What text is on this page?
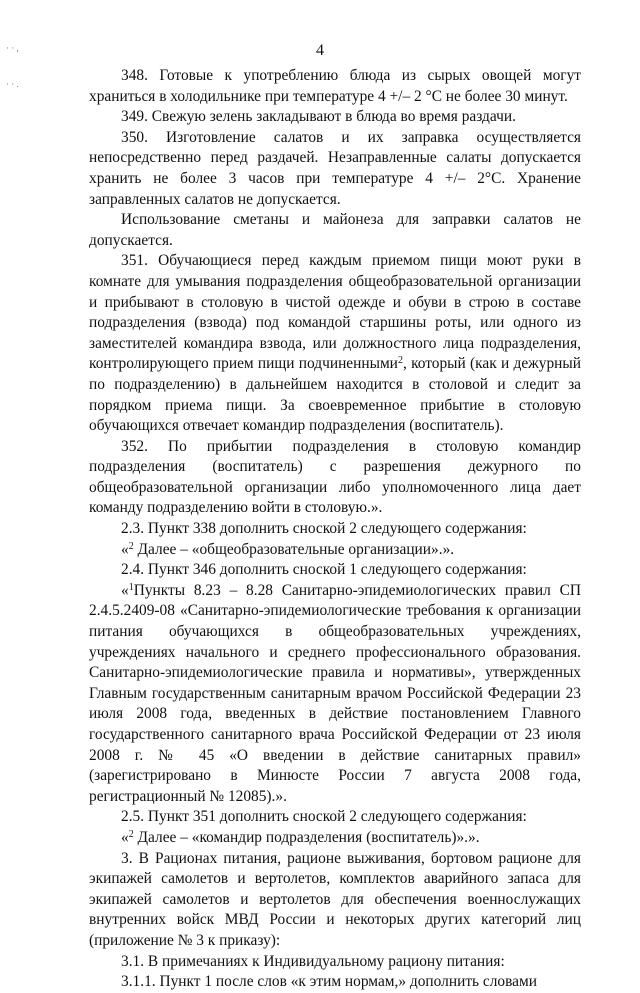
· · ,
· · .
4

348. Готовые к употреблению блюда из сырых овощей могут храниться в холодильнике при температуре 4 +/– 2 °С не более 30 минут.

349. Свежую зелень закладывают в блюда во время раздачи.

350. Изготовление салатов и их заправка осуществляется непосредственно перед раздачей. Незаправленные салаты допускается хранить не более 3 часов при температуре 4 +/– 2°С. Хранение заправленных салатов не допускается.

Использование сметаны и майонеза для заправки салатов не допускается.

351. Обучающиеся перед каждым приемом пищи моют руки в комнате для умывания подразделения общеобразовательной организации и прибывают в столовую в чистой одежде и обуви в строю в составе подразделения (взвода) под командой старшины роты, или одного из заместителей командира взвода, или должностного лица подразделения, контролирующего прием пищи подчиненными$^2$, который (как и дежурный по подразделению) в дальнейшем находится в столовой и следит за порядком приема пищи. За своевременное прибытие в столовую обучающихся отвечает командир подразделения (воспитатель).

352. По прибытии подразделения в столовую командир подразделения (воспитатель) с разрешения дежурного по общеобразовательной организации либо уполномоченного лица дает команду подразделению войти в столовую.».

2.3. Пункт 338 дополнить сноской 2 следующего содержания:

«$^2$ Далее – «общеобразовательные организации».».

2.4. Пункт 346 дополнить сноской 1 следующего содержания:

«$^1$Пункты 8.23 – 8.28 Санитарно-эпидемиологических правил СП 2.4.5.2409-08 «Санитарно-эпидемиологические требования к организации питания обучающихся в общеобразовательных учреждениях, учреждениях начального и среднего профессионального образования. Санитарно-эпидемиологические правила и нормативы», утвержденных Главным государственным санитарным врачом Российской Федерации 23 июля 2008 года, введенных в действие постановлением Главного государственного санитарного врача Российской Федерации от 23 июля 2008 г. № 45 «О введении в действие санитарных правил» (зарегистрировано в Минюсте России 7 августа 2008 года, регистрационный № 12085).».

2.5. Пункт 351 дополнить сноской 2 следующего содержания:

«$^2$ Далее – «командир подразделения (воспитатель)».».

3. В Рационах питания, рационе выживания, бортовом рационе для экипажей самолетов и вертолетов, комплектов аварийного запаса для экипажей самолетов и вертолетов для обеспечения военнослужащих внутренних войск МВД России и некоторых других категорий лиц (приложение № 3 к приказу):

3.1. В примечаниях к Индивидуальному рациону питания:

3.1.1. Пункт 1 после слов «к этим нормам,» дополнить словами
